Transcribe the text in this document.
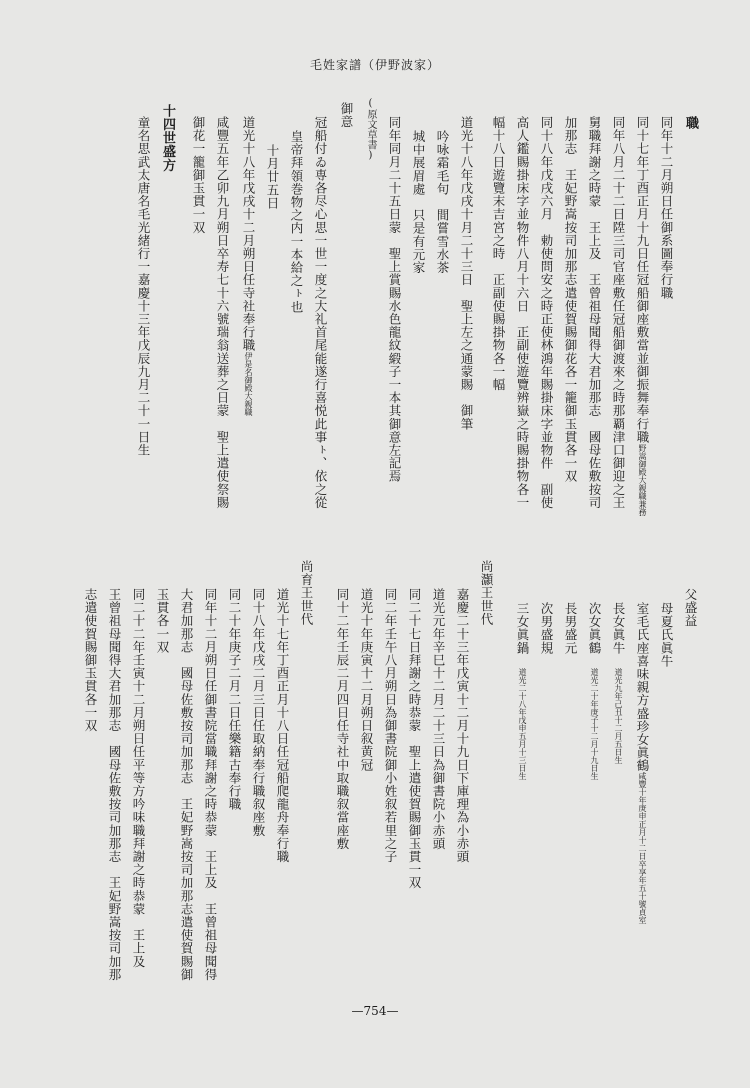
毛姓家譜（伊野波家）
職
同年十二月朔日任御系圖奉行職
同十七年丁酉正月十九日任冠船御座敷當並御振舞奉行職野嵩御殿大親職兼務
同年八月二十二日陞三司官座敷任冠船御渡來之時那覇津口御迎之王
舅職拜謝之時蒙　王上及　王曾祖母聞得大君加那志　國母佐敷按司
加那志　王妃野嵩按司加那志遣使賀賜御花各一籠御玉貫各一双
同十八年戊戌六月　勅使問安之時正使林鴻年賜掛床字並物件　副使
高人鑑賜掛床字並物件八月十六日　正副使遊覽辨嶽之時賜掛物各一
幅十八日遊覽末吉宮之時　正副使賜掛物各一幅
道光十八年戊戌十月二十三日　聖上左之通蒙賜　御筆
吟咏霜毛句　間嘗雪水茶
城中展眉處　只是有元家
同年同月二十五日蒙　聖上賞賜水色龍紋緞子一本其御意左記焉
(原文草書)
御意
冠船付ゐ専各尽心思一世一度之大礼首尾能遂行喜悦此事ㇳ、依之從
皇帝拜領巻物之内一本給之ㇳ也
十月廿五日
道光十八年戊戌十二月朔日任寺社奉行職伊是名御殿大親職
咸豐五年乙卯九月朔日卒寿七十六號瑞翁送葬之日蒙　聖上遣使祭賜
御花一籠御玉貫一双
十四世盛方
童名思武太唐名毛光緒行一嘉慶十三年戊辰九月二十一日生
父盛益
母夏氏眞牛
室毛氏座喜味親方盛珍女眞鶴咸豐十年庚申正月十二日卒享年五十號貞室
長女眞牛　道光九年己丑十二月五日生
次女眞鶴　道光二十年庚子十二月十九日生
長男盛元
次男盛規
三女眞鍋　道光二十八年戊申五月十三日生
尚灝王世代
嘉慶二十三年戊寅十二月十九日下庫理為小赤頭
道光元年辛巳十二月二十三日為御書院小赤頭
同二十七日拜謝之時恭蒙　聖上遣使賀賜御玉貫一双
同二年壬午八月朔日為御書院御小姓叙若里之子
道光十年庚寅十二月朔日叙黄冠
同十二年壬辰二月四日任寺社中取職叙當座敷
尚育王世代
道光十七年丁酉正月十八日任冠船爬龍舟奉行職
同十八年戊戌二月三日任取納奉行職叙座敷
同二十年庚子二月二日任樂籍古奉行職
同年十二月朔日任御書院當職拜謝之時恭蒙　王上及　王曾祖母聞得
大君加那志　國母佐敷按司加那志　王妃野嵩按司加那志遣使賀賜御
玉貫各一双
同二十二年壬寅十二月朔日任平等方吟味職拜謝之時恭蒙　王上及
王曾祖母聞得大君加那志　國母佐敷按司加那志　王妃野嵩按司加那
志遣使賀賜御玉貫各一双
—754—
